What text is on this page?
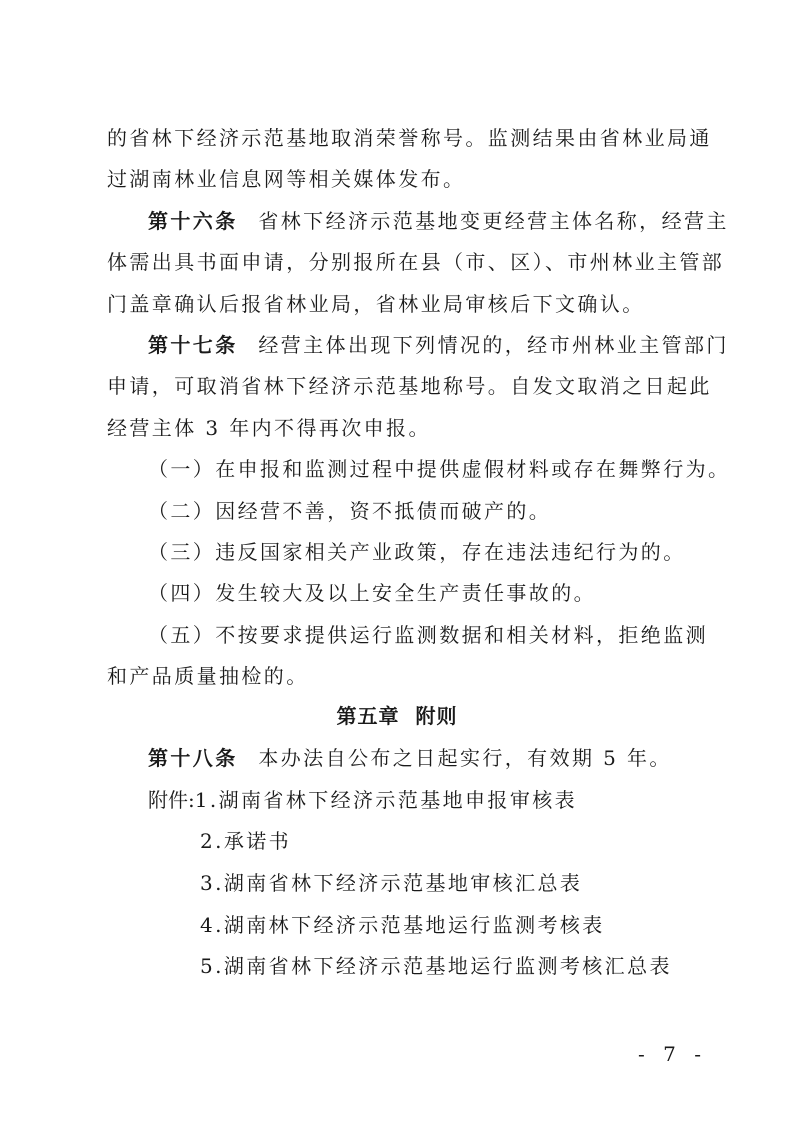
的省林下经济示范基地取消荣誉称号。监测结果由省林业局通
过湖南林业信息网等相关媒体发布。
第十六条 省林下经济示范基地变更经营主体名称，经营主
体需出具书面申请，分别报所在县（市、区）、市州林业主管部
门盖章确认后报省林业局，省林业局审核后下文确认。
第十七条 经营主体出现下列情况的，经市州林业主管部门
申请，可取消省林下经济示范基地称号。自发文取消之日起此
经营主体 3 年内不得再次申报。
（一）在申报和监测过程中提供虚假材料或存在舞弊行为。
（二）因经营不善，资不抵债而破产的。
（三）违反国家相关产业政策，存在违法违纪行为的。
（四）发生较大及以上安全生产责任事故的。
（五）不按要求提供运行监测数据和相关材料，拒绝监测
和产品质量抽检的。
第五章  附则
第十八条 本办法自公布之日起实行，有效期 5 年。
附件:1.湖南省林下经济示范基地申报审核表
2.承诺书
3.湖南省林下经济示范基地审核汇总表
4.湖南林下经济示范基地运行监测考核表
5.湖南省林下经济示范基地运行监测考核汇总表
- 7 -
